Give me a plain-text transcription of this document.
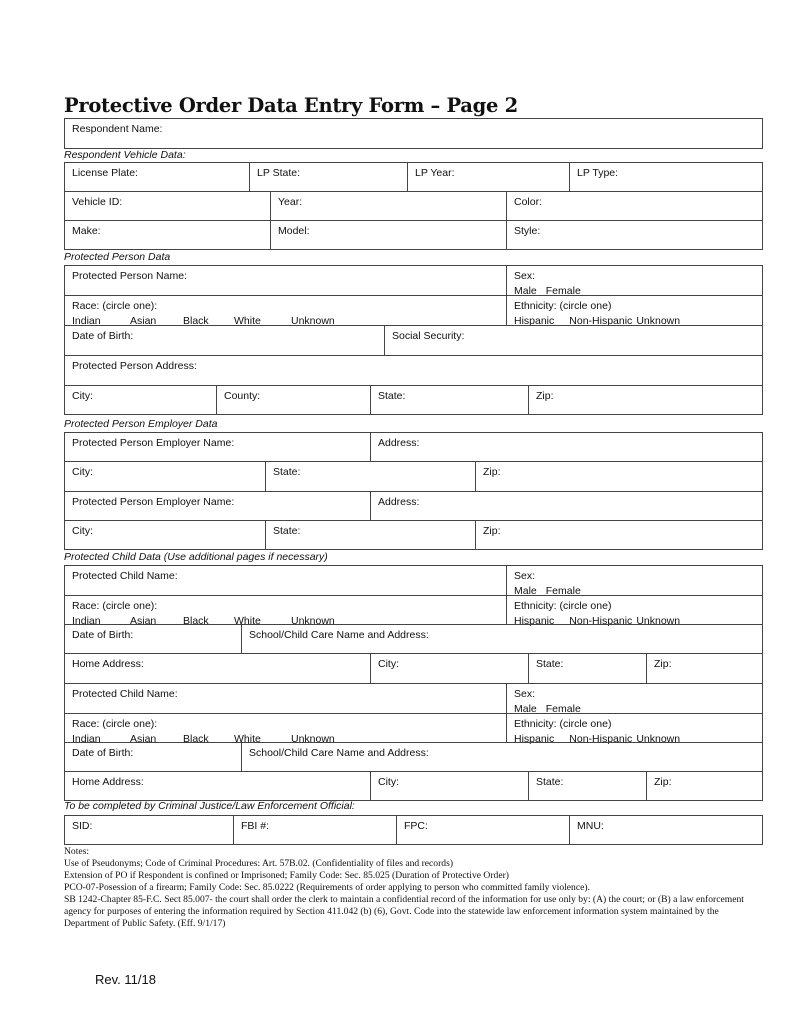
Protective Order Data Entry Form – Page 2
Respondent Name:
Respondent Vehicle Data:
License Plate:	LP State:	LP Year:	LP Type:
Vehicle ID:	Year:	Color:
Make:	Model:	Style:
Protected Person Data
Protected Person Name:	Sex:
Male Female
Race: (circle one):
Indian	Asian	Black White	Unknown
Ethnicity: (circle one)
Hispanic Non-Hispanic Unknown
Date of Birth:	Social Security:
Protected Person Address:
City:	County:	State:	Zip:
Protected Person Employer Data
Protected Person Employer Name:	Address:
City:	State:	Zip:
Protected Person Employer Name:	Address:
City:	State:	Zip:
Protected Child Data (Use additional pages if necessary)
Protected Child Name:	Sex:
Male Female
Race: (circle one):
Indian	Asian	Black White	Unknown
Ethnicity: (circle one)
Hispanic Non-Hispanic Unknown
Date of Birth:	School/Child Care Name and Address:
Home Address:	City:	State:	Zip:
Protected Child Name:	Sex:
Male Female
Race: (circle one):
Indian	Asian	Black White	Unknown
Ethnicity: (circle one)
Hispanic Non-Hispanic Unknown
Date of Birth:	School/Child Care Name and Address:
Home Address:	City:	State:	Zip:
To be completed by Criminal Justice/Law Enforcement Official:
SID:	FBI #:	FPC:	MNU:
Notes:
Use of Pseudonyms; Code of Criminal Procedures: Art. 57B.02. (Confidentiality of files and records)
Extension of PO if Respondent is confined or Imprisoned; Family Code: Sec. 85.025 (Duration of Protective Order)
PCO-07-Posession of a firearm; Family Code: Sec. 85.0222 (Requirements of order applying to person who committed family violence).
SB 1242-Chapter 85-F.C. Sect 85.007- the court shall order the clerk to maintain a confidential record of the information for use only by: (A) the court; or (B) a law enforcement agency for purposes of entering the information required by Section 411.042 (b) (6), Govt. Code into the statewide law enforcement information system maintained by the Department of Public Safety. (Eff. 9/1/17)
Rev. 11/18
